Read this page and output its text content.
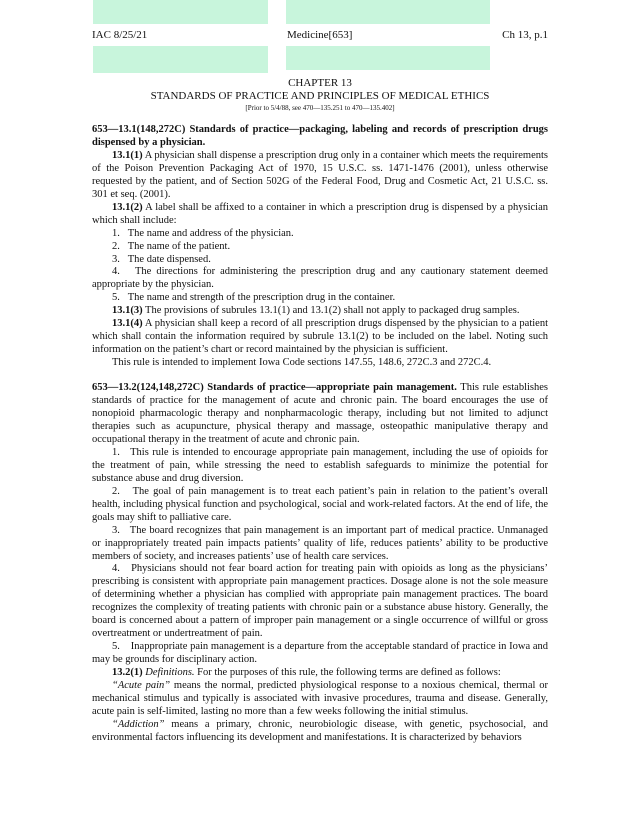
IAC 8/25/21	Medicine[653]	Ch 13, p.1
CHAPTER 13
STANDARDS OF PRACTICE AND PRINCIPLES OF MEDICAL ETHICS
[Prior to 5/4/88, see 470—135.251 to 470—135.402]

653—13.1(148,272C) Standards of practice—packaging, labeling and records of prescription drugs dispensed by a physician.

13.1(1) A physician shall dispense a prescription drug only in a container which meets the requirements of the Poison Prevention Packaging Act of 1970, 15 U.S.C. ss. 1471-1476 (2001), unless otherwise requested by the patient, and of Section 502G of the Federal Food, Drug and Cosmetic Act, 21 U.S.C. ss. 301 et seq. (2001).

13.1(2) A label shall be affixed to a container in which a prescription drug is dispensed by a physician which shall include:

1. The name and address of the physician.

2. The name of the patient.

3. The date dispensed.

4. The directions for administering the prescription drug and any cautionary statement deemed appropriate by the physician.

5. The name and strength of the prescription drug in the container.

13.1(3) The provisions of subrules 13.1(1) and 13.1(2) shall not apply to packaged drug samples.

13.1(4) A physician shall keep a record of all prescription drugs dispensed by the physician to a patient which shall contain the information required by subrule 13.1(2) to be included on the label. Noting such information on the patient’s chart or record maintained by the physician is sufficient.

This rule is intended to implement Iowa Code sections 147.55, 148.6, 272C.3 and 272C.4.

653—13.2(124,148,272C) Standards of practice—appropriate pain management. This rule establishes standards of practice for the management of acute and chronic pain. The board encourages the use of nonopioid pharmacologic therapy and nonpharmacologic therapy, including but not limited to adjunct therapies such as acupuncture, physical therapy and massage, osteopathic manipulative therapy and occupational therapy in the treatment of acute and chronic pain.

1. This rule is intended to encourage appropriate pain management, including the use of opioids for the treatment of pain, while stressing the need to establish safeguards to minimize the potential for substance abuse and drug diversion.

2. The goal of pain management is to treat each patient’s pain in relation to the patient’s overall health, including physical function and psychological, social and work-related factors. At the end of life, the goals may shift to palliative care.

3. The board recognizes that pain management is an important part of medical practice. Unmanaged or inappropriately treated pain impacts patients’ quality of life, reduces patients’ ability to be productive members of society, and increases patients’ use of health care services.

4. Physicians should not fear board action for treating pain with opioids as long as the physicians’ prescribing is consistent with appropriate pain management practices. Dosage alone is not the sole measure of determining whether a physician has complied with appropriate pain management practices. The board recognizes the complexity of treating patients with chronic pain or a substance abuse history. Generally, the board is concerned about a pattern of improper pain management or a single occurrence of willful or gross overtreatment or undertreatment of pain.

5.    Inappropriate pain management is a departure from the acceptable standard of practice in Iowa and may be grounds for disciplinary action.

13.2(1) Definitions. For the purposes of this rule, the following terms are defined as follows:

“Acute pain” means the normal, predicted physiological response to a noxious chemical, thermal or mechanical stimulus and typically is associated with invasive procedures, trauma and disease. Generally, acute pain is self-limited, lasting no more than a few weeks following the initial stimulus.

“Addiction” means a primary, chronic, neurobiologic disease, with genetic, psychosocial, and environmental factors influencing its development and manifestations. It is characterized by behaviors
